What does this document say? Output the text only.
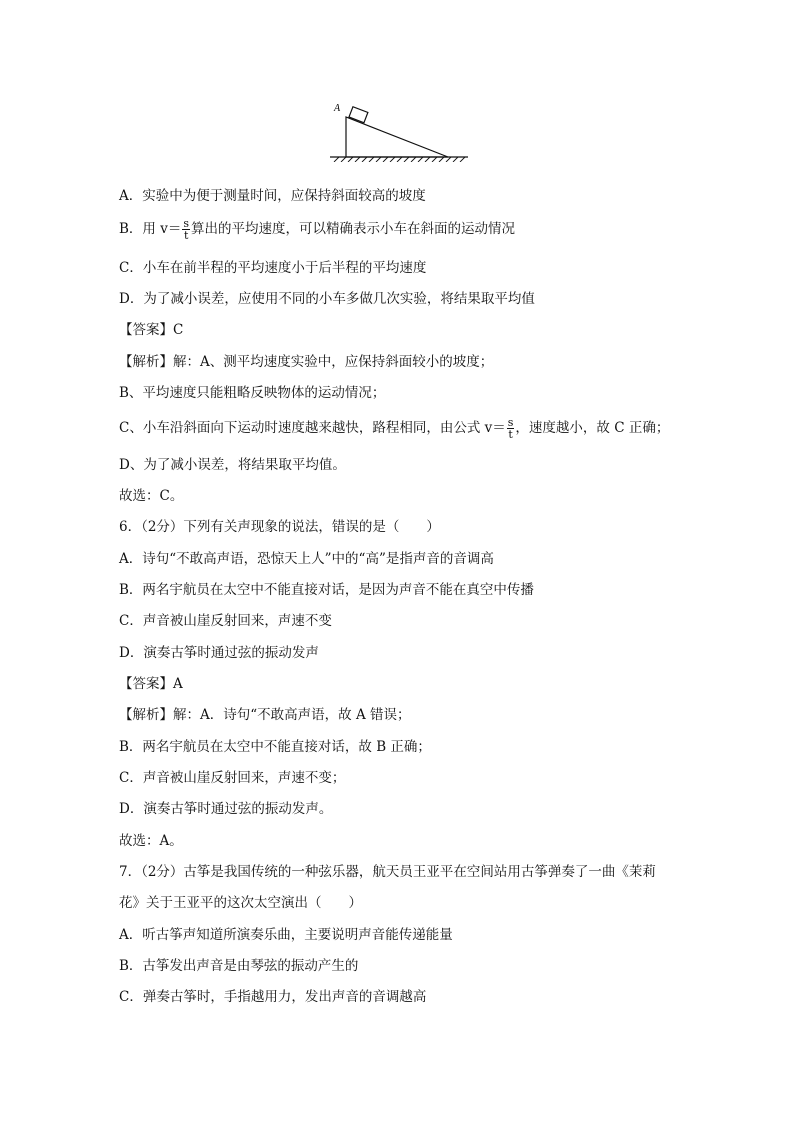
A
A．实验中为便于测量时间，应保持斜面较高的坡度
B．用 $v= \frac{s}{t}$ 算出的平均速度，可以精确表示小车在斜面的运动情况
C．小车在前半程的平均速度小于后半程的平均速度
D．为了减小误差，应使用不同的小车多做几次实验，将结果取平均值
【答案】C
【解析】解：A、测平均速度实验中，应保持斜面较小的坡度；
B、平均速度只能粗略反映物体的运动情况；
C、小车沿斜面向下运动时速度越来越快，路程相同，由公式 $v= \frac{s}{t}$ ，速度越小，故 C 正确；
D、为了减小误差，将结果取平均值。
故选：C。
6．（2分）下列有关声现象的说法，错误的是（　　）
A．诗句“不敢高声语，恐惊天上人”中的“高”是指声音的音调高
B．两名宇航员在太空中不能直接对话，是因为声音不能在真空中传播
C．声音被山崖反射回来，声速不变
D．演奏古筝时通过弦的振动发声
【答案】A
【解析】解：A．诗句“不敢高声语，故 A 错误；
B．两名宇航员在太空中不能直接对话，故 B 正确；
C．声音被山崖反射回来，声速不变；
D．演奏古筝时通过弦的振动发声。
故选：A。
7．（2分）古筝是我国传统的一种弦乐器，航天员王亚平在空间站用古筝弹奏了一曲《茉莉
花》关于王亚平的这次太空演出（　　）
A．听古筝声知道所演奏乐曲，主要说明声音能传递能量
B．古筝发出声音是由琴弦的振动产生的
C．弹奏古筝时，手指越用力，发出声音的音调越高
